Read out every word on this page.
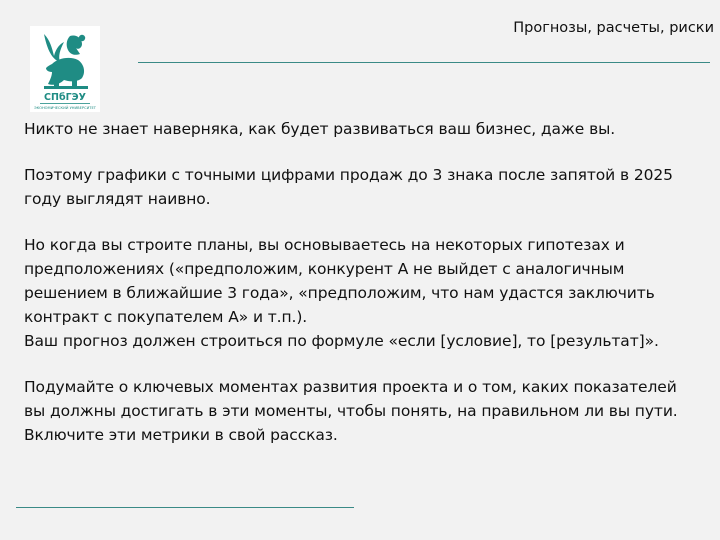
СПбГЭУ
ЭКОНОМИЧЕСКИЙ УНИВЕРСИТЕТ
Прогнозы, расчеты, риски

Никто не знает наверняка, как будет развиваться ваш бизнес, даже вы.

Поэтому графики с точными цифрами продаж до 3 знака после запятой в 2025

году выглядят наивно.

Но когда вы строите планы, вы основываетесь на некоторых гипотезах и

предположениях («предположим, конкурент А не выйдет с аналогичным

решением в ближайшие 3 года», «предположим, что нам удастся заключить

контракт с покупателем А» и т.п.).

Ваш прогноз должен строиться по формуле «если [условие], то [результат]».

Подумайте о ключевых моментах развития проекта и о том, каких показателей

вы должны достигать в эти моменты, чтобы понять, на правильном ли вы пути.

Включите эти метрики в свой рассказ.
